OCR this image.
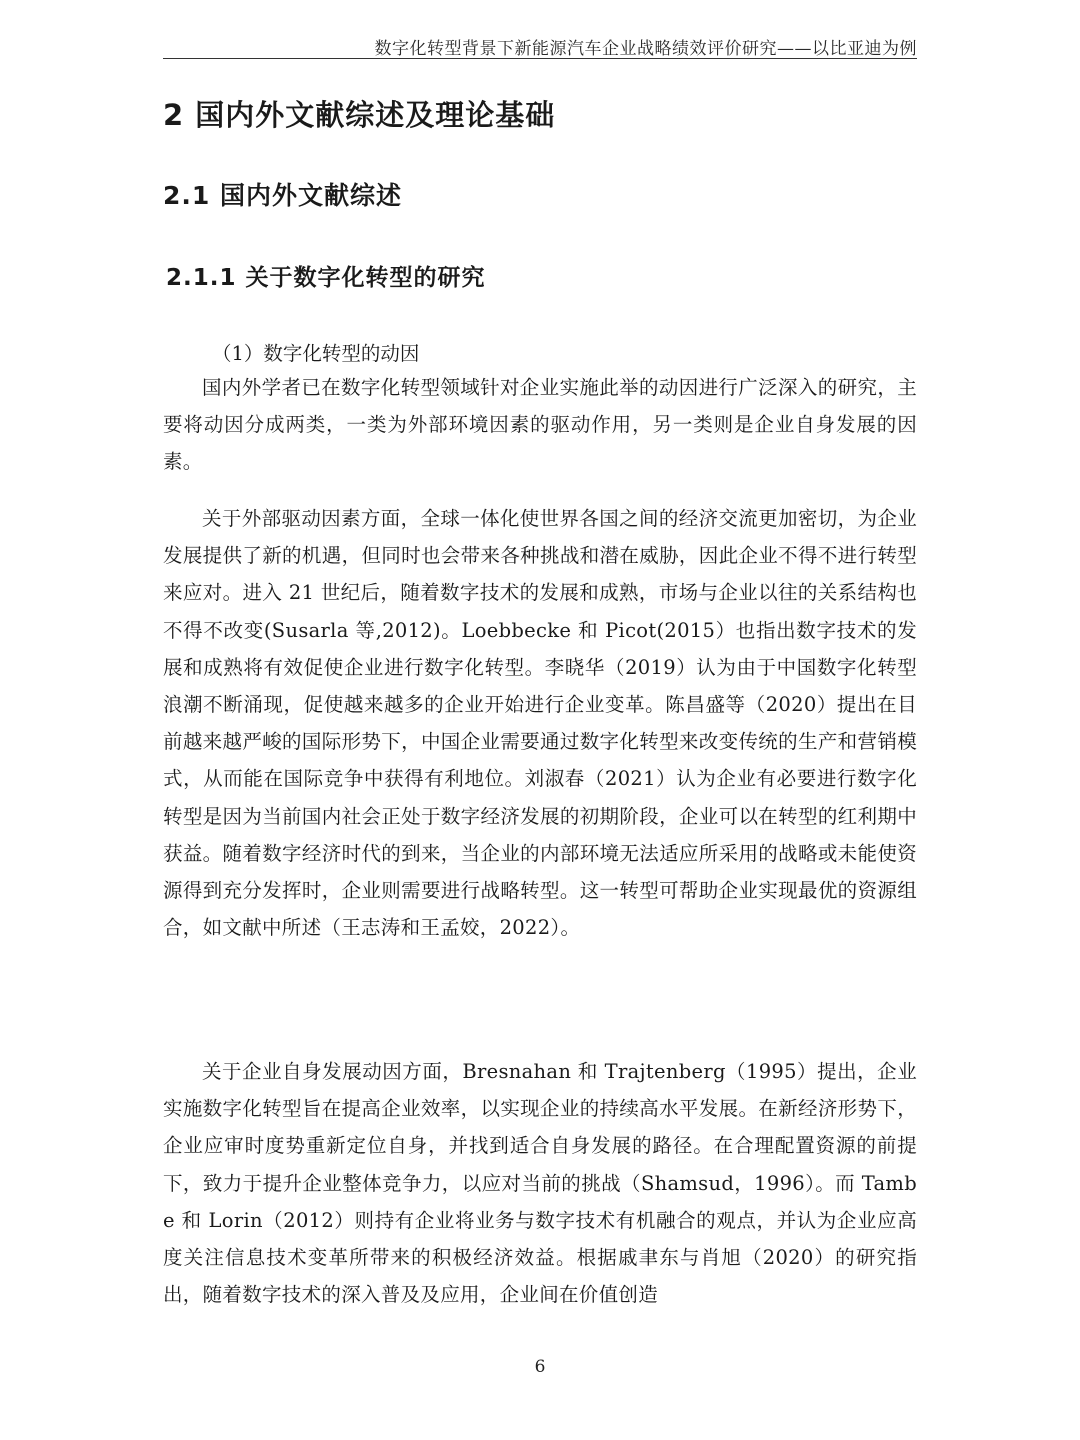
数字化转型背景下新能源汽车企业战略绩效评价研究——以比亚迪为例
2 国内外文献综述及理论基础
2.1 国内外文献综述
2.1.1 关于数字化转型的研究

（1）数字化转型的动因

国内外学者已在数字化转型领域针对企业实施此举的动因进行广泛深入的研究，主要将动因分成两类，一类为外部环境因素的驱动作用，另一类则是企业自身发展的因素。

关于外部驱动因素方面，全球一体化使世界各国之间的经济交流更加密切，为企业发展提供了新的机遇，但同时也会带来各种挑战和潜在威胁，因此企业不得不进行转型来应对。进入 21 世纪后，随着数字技术的发展和成熟，市场与企业以往的关系结构也不得不改变(Susarla 等,2012)。Loebbecke 和 Picot(2015）也指出数字技术的发展和成熟将有效促使企业进行数字化转型。李晓华（2019）认为由于中国数字化转型浪潮不断涌现，促使越来越多的企业开始进行企业变革。陈昌盛等（2020）提出在目前越来越严峻的国际形势下，中国企业需要通过数字化转型来改变传统的生产和营销模式，从而能在国际竞争中获得有利地位。刘淑春（2021）认为企业有必要进行数字化转型是因为当前国内社会正处于数字经济发展的初期阶段，企业可以在转型的红利期中获益。随着数字经济时代的到来，当企业的内部环境无法适应所采用的战略或未能使资源得到充分发挥时，企业则需要进行战略转型。这一转型可帮助企业实现最优的资源组合，如文献中所述（王志涛和王孟姣，2022）。

关于企业自身发展动因方面，Bresnahan 和 Trajtenberg（1995）提出，企业实施数字化转型旨在提高企业效率，以实现企业的持续高水平发展。在新经济形势下，企业应审时度势重新定位自身，并找到适合自身发展的路径。在合理配置资源的前提下，致力于提升企业整体竞争力，以应对当前的挑战（Shamsud，1996）。而 Tambe 和 Lorin（2012）则持有企业将业务与数字技术有机融合的观点，并认为企业应高度关注信息技术变革所带来的积极经济效益。根据戚聿东与肖旭（2020）的研究指出，随着数字技术的深入普及及应用，企业间在价值创造

6
